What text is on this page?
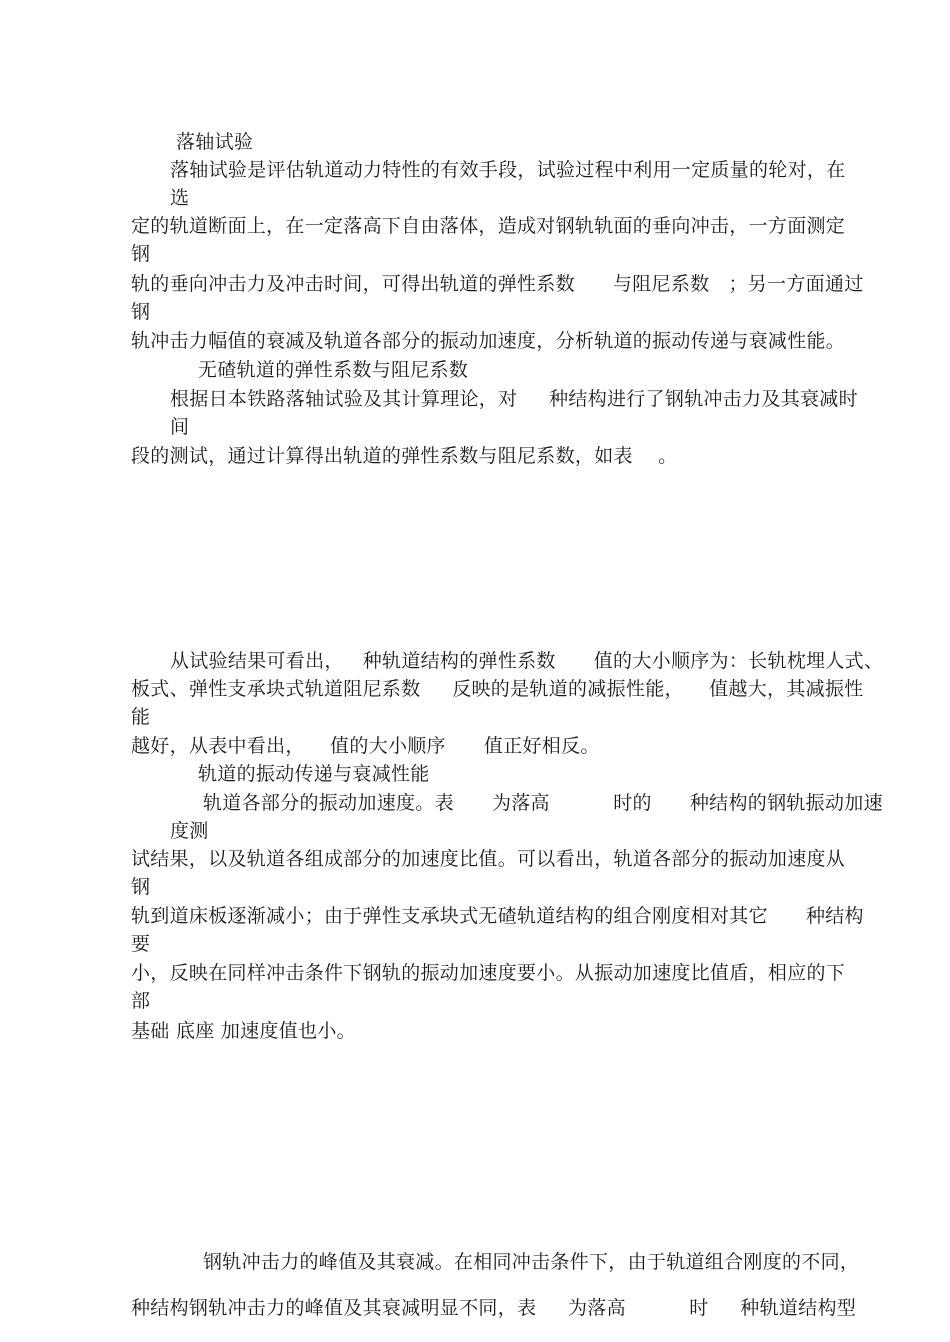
落轴试验
落轴试验是评估轨道动力特性的有效手段，试验过程中利用一定质量的轮对，在
选
定的轨道断面上，在一定落高下自由落体，造成对钢轨轨面的垂向冲击，一方面测定
钢
轨的垂向冲击力及冲击时间，可得出轨道的弹性系数      与阻尼系数   ；另一方面通过
钢
轨冲击力幅值的衰减及轨道各部分的振动加速度，分析轨道的振动传递与衰减性能。
无碴轨道的弹性系数与阻尼系数
根据日本铁路落轴试验及其计算理论，对     种结构进行了钢轨冲击力及其衰减时
间
段的测试，通过计算得出轨道的弹性系数与阻尼系数，如表    。
从试验结果可看出，   种轨道结构的弹性系数      值的大小顺序为：长轨枕埋人式、
板式、弹性支承块式轨道阻尼系数     反映的是轨道的减振性能，    值越大，其减振性
能
越好，从表中看出，    值的大小顺序      值正好相反。
轨道的振动传递与衰减性能
轨道各部分的振动加速度。表      为落高          时的      种结构的钢轨振动加速
度测
试结果，以及轨道各组成部分的加速度比值。可以看出，轨道各部分的振动加速度从
钢
轨到道床板逐渐减小；由于弹性支承块式无碴轨道结构的组合刚度相对其它      种结构
要
小，反映在同样冲击条件下钢轨的振动加速度要小。从振动加速度比值盾，相应的下
部
基础 底座 加速度值也小。
钢轨冲击力的峰值及其衰减。在相同冲击条件下，由于轨道组合刚度的不同，
种结构钢轨冲击力的峰值及其衰减明显不同，表     为落高          时     种轨道结构型
